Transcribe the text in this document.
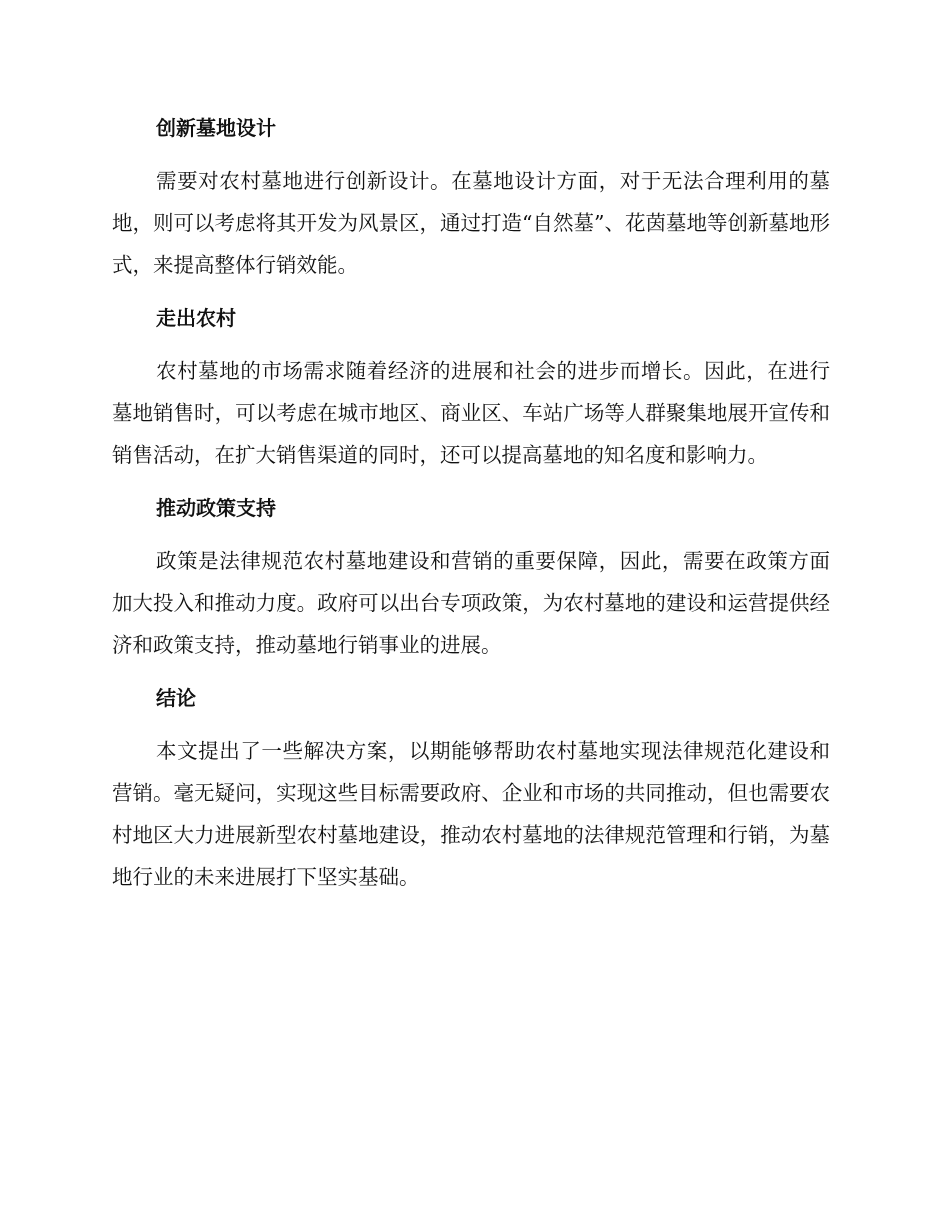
创新墓地设计

需要对农村墓地进行创新设计。在墓地设计方面，对于无法合理利用的墓地，则可以考虑将其开发为风景区，通过打造“自然墓”、花茵墓地等创新墓地形式，来提高整体行销效能。

走出农村

农村墓地的市场需求随着经济的进展和社会的进步而增长。因此，在进行墓地销售时，可以考虑在城市地区、商业区、车站广场等人群聚集地展开宣传和销售活动，在扩大销售渠道的同时，还可以提高墓地的知名度和影响力。

推动政策支持

政策是法律规范农村墓地建设和营销的重要保障，因此，需要在政策方面加大投入和推动力度。政府可以出台专项政策，为农村墓地的建设和运营提供经济和政策支持，推动墓地行销事业的进展。

结论

本文提出了一些解决方案，以期能够帮助农村墓地实现法律规范化建设和营销。毫无疑问，实现这些目标需要政府、企业和市场的共同推动，但也需要农村地区大力进展新型农村墓地建设，推动农村墓地的法律规范管理和行销，为墓地行业的未来进展打下坚实基础。
